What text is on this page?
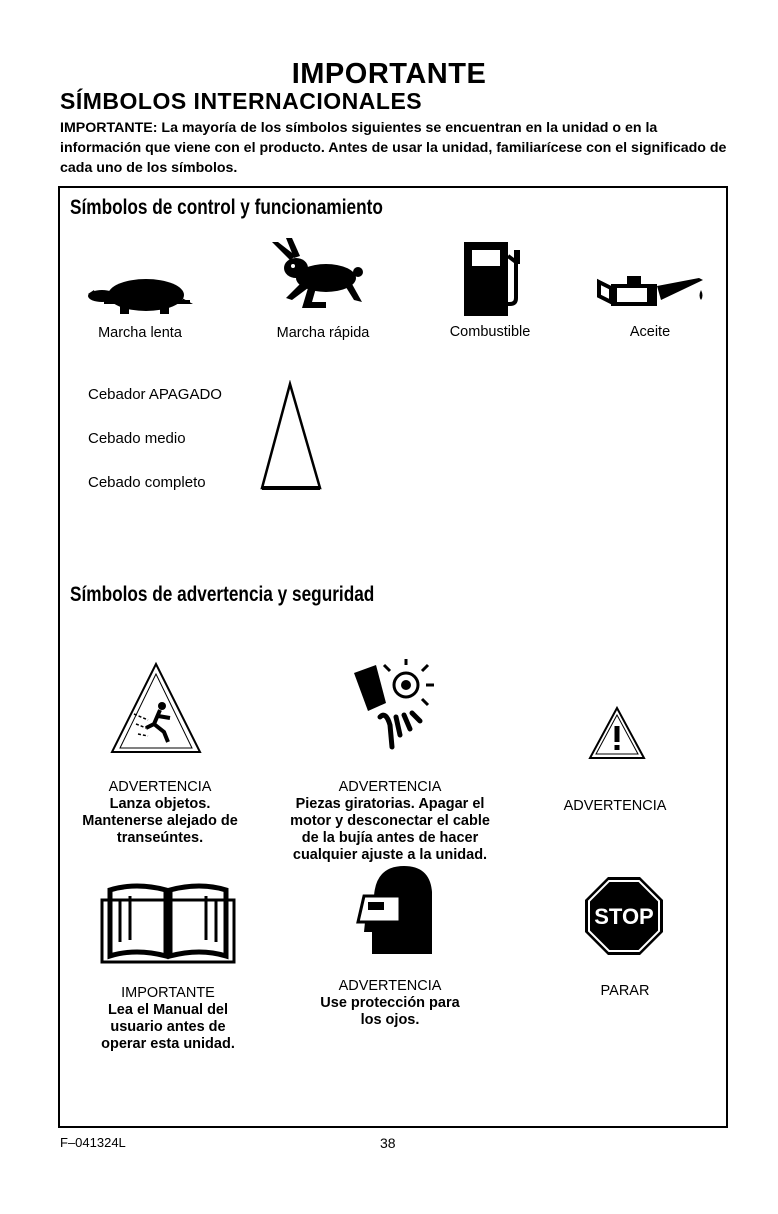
IMPORTANTE
SÍMBOLOS INTERNACIONALES
IMPORTANTE: La mayoría de los símbolos siguientes se encuentran en la unidad o en la información que viene con el producto. Antes de usar la unidad, familiarícese con el significado de cada uno de los símbolos.
Símbolos de control y funcionamiento
Marcha lenta	Marcha rápida	Combustible	Aceite
Cebador APAGADO
Cebado medio
Cebado completo
Símbolos de advertencia y seguridad

ADVERTENCIA
Lanza objetos.
Mantenerse alejado de
transeúntes.

ADVERTENCIA
Piezas giratorias. Apagar el
motor y desconectar el cable
de la bujía antes de hacer
cualquier ajuste a la unidad.

ADVERTENCIA

IMPORTANTE
Lea el Manual del
usuario antes de
operar esta unidad.

ADVERTENCIA
Use protección para
los ojos.

STOP

PARAR

F–041324L	38
